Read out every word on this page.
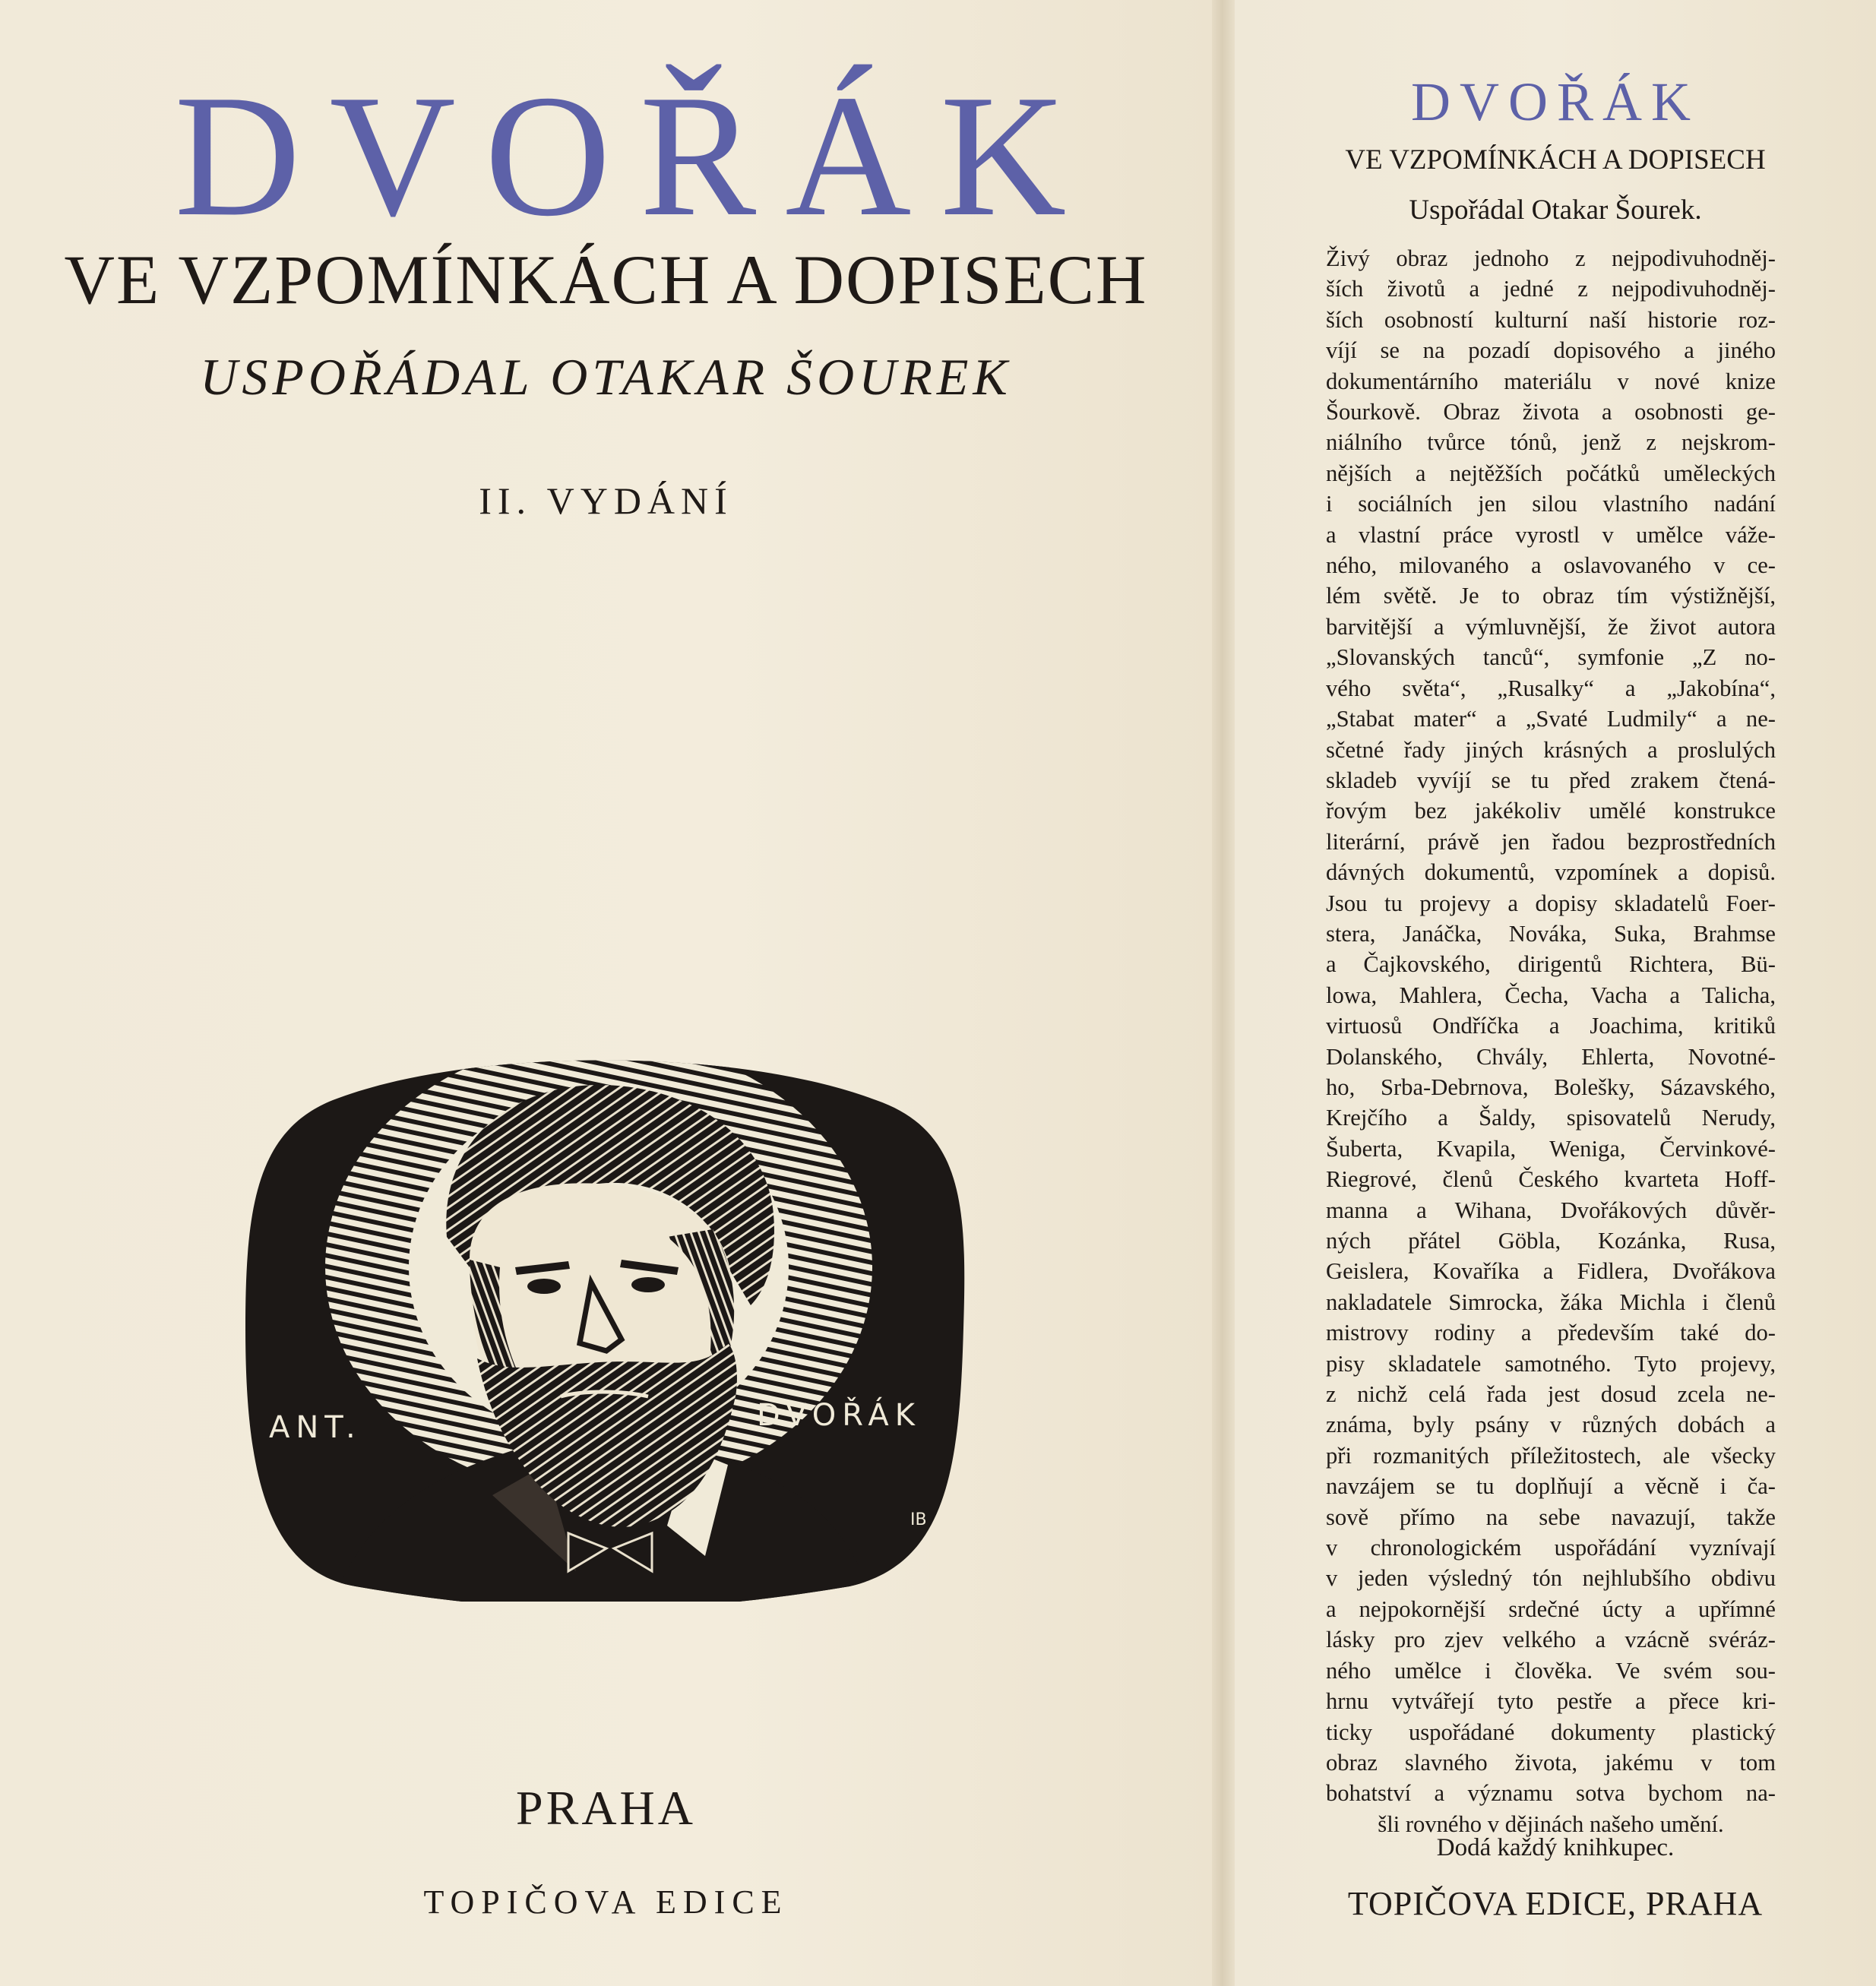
DVOŘÁK
VE VZPOMÍNKÁCH A DOPISECH
USPOŘÁDAL OTAKAR ŠOUREK
II. VYDÁNÍ
ANT.	DVOŘÁK
IB
PRAHA
TOPIČOVA EDICE
DVOŘÁK
VE VZPOMÍNKÁCH A DOPISECH
Uspořádal Otakar Šourek.
Živý obraz jednoho z nejpodivuhodněj-
ších životů a jedné z nejpodivuhodněj-
ších osobností kulturní naší historie roz-
víjí se na pozadí dopisového a jiného
dokumentárního materiálu v nové knize
Šourkově. Obraz života a osobnosti ge-
niálního tvůrce tónů, jenž z nejskrom-
nějších a nejtěžších počátků uměleckých
i sociálních jen silou vlastního nadání
a vlastní práce vyrostl v umělce váže-
ného, milovaného a oslavovaného v ce-
lém světě. Je to obraz tím výstižnější,
barvitější a výmluvnější, že život autora
„Slovanských tanců“, symfonie „Z no-
vého světa“, „Rusalky“ a „Jakobína“,
„Stabat mater“ a „Svaté Ludmily“ a ne-
sčetné řady jiných krásných a proslulých
skladeb vyvíjí se tu před zrakem čtená-
řovým bez jakékoliv umělé konstrukce
literární, právě jen řadou bezprostředních
dávných dokumentů, vzpomínek a dopisů.
Jsou tu projevy a dopisy skladatelů Foer-
stera, Janáčka, Nováka, Suka, Brahmse
a Čajkovského, dirigentů Richtera, Bü-
lowa, Mahlera, Čecha, Vacha a Talicha,
virtuosů Ondříčka a Joachima, kritiků
Dolanského, Chvály, Ehlerta, Novotné-
ho, Srba-Debrnova, Bolešky, Sázavského,
Krejčího a Šaldy, spisovatelů Nerudy,
Šuberta, Kvapila, Weniga, Červinkové-
Riegrové, členů Českého kvarteta Hoff-
manna a Wihana, Dvořákových důvěr-
ných přátel Göbla, Kozánka, Rusa,
Geislera, Kovaříka a Fidlera, Dvořákova
nakladatele Simrocka, žáka Michla i členů
mistrovy rodiny a především také do-
pisy skladatele samotného. Tyto projevy,
z nichž celá řada jest dosud zcela ne-
známa, byly psány v různých dobách a
při rozmanitých příležitostech, ale všecky
navzájem se tu doplňují a věcně i ča-
sově přímo na sebe navazují, takže
v chronologickém uspořádání vyznívají
v jeden výsledný tón nejhlubšího obdivu
a nejpokornější srdečné úcty a upřímné
lásky pro zjev velkého a vzácně svéráz-
ného umělce i člověka. Ve svém sou-
hrnu vytvářejí tyto pestře a přece kri-
ticky uspořádané dokumenty plastický
obraz slavného života, jakému v tom
bohatství a významu sotva bychom na-
šli rovného v dějinách našeho umění.
Dodá každý knihkupec.
TOPIČOVA EDICE, PRAHA
